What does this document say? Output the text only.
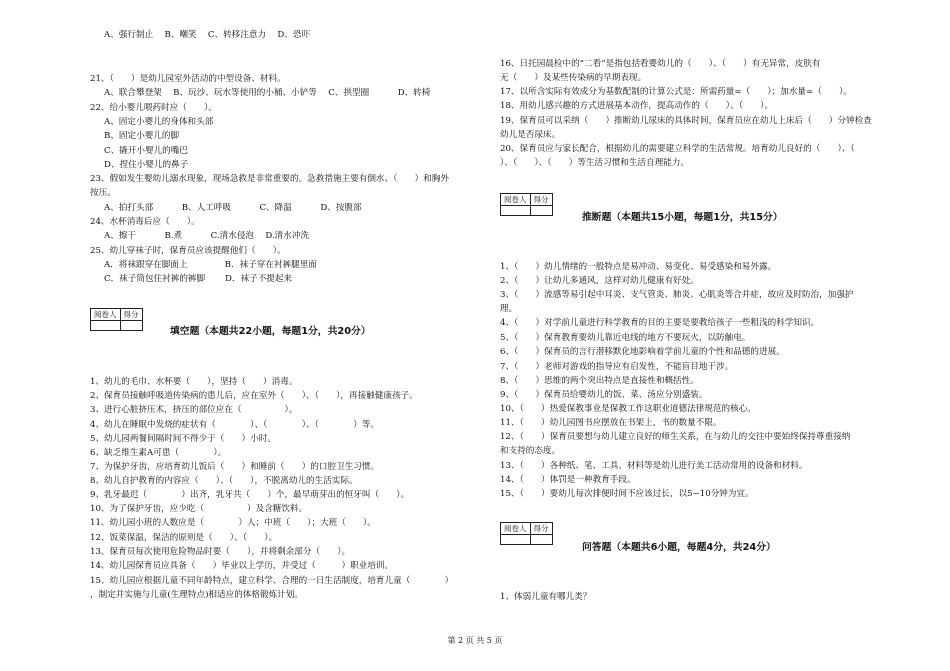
A、强行制止　 B、嘲笑　 C、转移注意力　 D、恐吓
21、（　　）是幼儿园室外活动的中型设备、材料。
A、联合攀登架　 B、玩沙、玩水等使用的小桶、小铲等　 C、拱型圈　　　 D、转椅
22、给小婴儿喂药时应（　　）。
A、固定小婴儿的身体和头部
B、固定小婴儿的脚
C、撬开小婴儿的嘴巴
D、捏住小婴儿的鼻子
23、假如发生婴幼儿溺水现象，现场急救是非常重要的。急救措施主要有倒水、（　　）和胸外
按压。
A、拍打头部　　　 B、人工呼吸　　　 C、降温　　　 D、按腹部
24、水杯消毒后应（　　）。
A、擦干　　　 B.煮　　　 C.清水侵泡　 D.清水冲洗
25、幼儿穿袜子时，保育员应该提醒他们（　　）。
A．将袜跟穿在脚面上　　　　 B．袜子穿在衬裤腿里面
C．袜子筒包住衬裤的裤脚　　 D．袜子不提起来
阅卷人	得分

填空题（本题共22小题，每题1分，共20分）
1、幼儿的毛巾、水杯要（　　），坚持（　　）消毒。
2、保育员接触呼吸道传染病的患儿后，应在室外（　　）、（　　），再接触健康孩子。
3、进行心脏挤压术，挤压的部位应在（　　　　　）。
4、幼儿在睡眠中发烧的症状有（　　　　）、（　　　　）、（　　　　）等。
5、幼儿园两餐间隔时间不得少于（　　）小时。
6、缺乏维生素A可患（　　　　）。
7、为保护牙齿，应培育幼儿饭后（　　）和睡前（　　）的口腔卫生习惯。
8、幼儿自护教育的内容应（　　）、（　　），不脱离幼儿的生活实际。
9、乳牙最迟（　　　　）出齐，乳牙共（　　）个，最早萌芽出的恒牙叫（　　）。
10、为了保护牙齿，应少吃（　　　　　）及含糖饮料。
11、幼儿园小班的人数应是（　　　　）人；中班（　　）；大班（　　）。
12、饭菜保温，保洁的原则是（　　）、（　　）。
13、保育员每次使用危险物品时要（　　），并将剩余部分（　　）。
14、幼儿园保育员应具备（　　）毕业以上学历，并受过（　　　）职业培训。
15、幼儿园应根据儿童不同年龄特点，建立科学、合理的一日生活制度，培育儿童（　　　　）
，制定并实施与儿童(生理特点)相适应的体格锻炼计划。
16、日托园晨检中的“二看”是指包括看婴幼儿的（　　）、（　　）有无异常，皮肤有
无（　　）及某些传染病的早期表现。
17、以所含实际有效成分为基数配制的计算公式是：所需药量=（　　）；加水量=（　　）。
18、用幼儿感兴趣的方式进展基本动作，提高动作的（　　）、（　　）。
19、保育员可以采纳（　　）推断幼儿尿床的具体时间，保育员应在幼儿上床后（　　）分钟检查
幼儿是否尿床。
20、保育员应与家长配合，根据幼儿的需要建立科学的生活常规。培育幼儿良好的（　　）、（
）、（　　）、（　　）等生活习惯和生活自理能力。
阅卷人	得分

推断题（本题共15小题，每题1分，共15分）
1、（　　）幼儿情绪的一般特点是易冲动、易变化、易受感染和易外露。
2、（　　）让幼儿多通风，这样对幼儿健康有好处。
3、（　　）流感等易引起中耳炎、支气管炎、肺炎、心肌炎等合并症，故应及时防治，加强护
理。
4、（　　）对学前儿童进行科学教育的目的主要是要教给孩子一些粗浅的科学知识。
5、（　　）保育教育要幼儿靠近电线的地方不要玩火，以防触电。
6、（　　）保育员的言行潜移默化地影响着学前儿童的个性和品德的进展。
7、（　　）老师对游戏的指导应有启发性，不能盲目地干涉。
8、（　　）思维的两个突出特点是直接性和概括性。
9、（　　）保育员给婴幼儿的饭、菜、汤应分别盛装。
10、（　　）热爱保教事业是保教工作这职业道德法律规范的核心。
11、（　　）幼儿园图书应摆放在书架上，书的数量不限。
12、（　　）保育员要想与幼儿建立良好的师生关系，在与幼儿的交往中要始终保持尊重接纳
和支持的态度。
13、（　　）各种纸、笔、工具、材料等是幼儿进行美工活动常用的设备和材料。
14、（　　）体罚是一种教育手段。
15、（　　）要幼儿每次排便时间不应该过长，以5~10分钟为宜。
阅卷人	得分

问答题（本题共6小题，每题4分，共24分）
1、体弱儿童有哪儿类？
第 2 页 共 5 页
